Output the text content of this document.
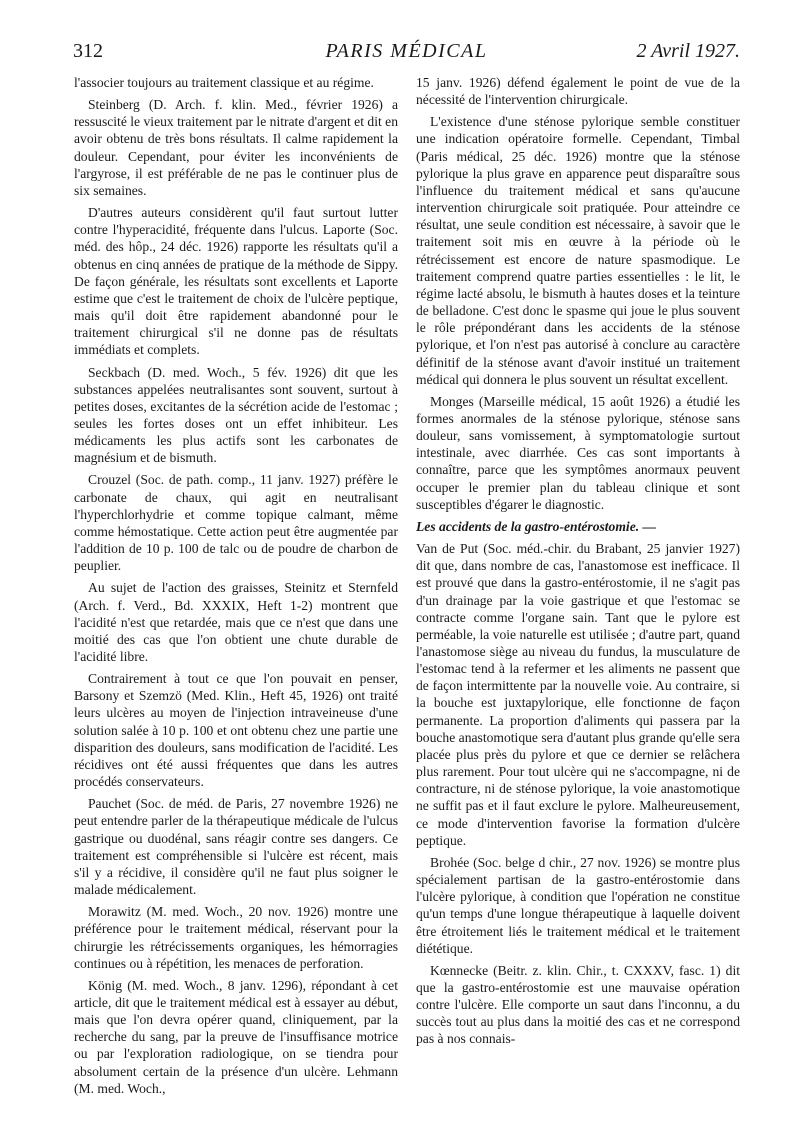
312	PARIS MÉDICAL	2 Avril 1927.

l'associer toujours au traitement classique et au régime.

Steinberg (D. Arch. f. klin. Med., février 1926) a ressuscité le vieux traitement par le nitrate d'argent et dit en avoir obtenu de très bons résultats. Il calme rapidement la douleur. Cependant, pour éviter les inconvénients de l'argyrose, il est préférable de ne pas le continuer plus de six semaines.

D'autres auteurs considèrent qu'il faut surtout lutter contre l'hyperacidité, fréquente dans l'ulcus. Laporte (Soc. méd. des hôp., 24 déc. 1926) rapporte les résultats qu'il a obtenus en cinq années de pratique de la méthode de Sippy. De façon générale, les résultats sont excellents et Laporte estime que c'est le traitement de choix de l'ulcère peptique, mais qu'il doit être rapidement abandonné pour le traitement chirurgical s'il ne donne pas de résultats immédiats et complets.

Seckbach (D. med. Woch., 5 fév. 1926) dit que les substances appelées neutralisantes sont souvent, surtout à petites doses, excitantes de la sécrétion acide de l'estomac ; seules les fortes doses ont un effet inhibiteur. Les médicaments les plus actifs sont les carbonates de magnésium et de bismuth.

Crouzel (Soc. de path. comp., 11 janv. 1927) préfère le carbonate de chaux, qui agit en neutralisant l'hyperchlorhydrie et comme topique calmant, même comme hémostatique. Cette action peut être augmentée par l'addition de 10 p. 100 de talc ou de poudre de charbon de peuplier.

Au sujet de l'action des graisses, Steinitz et Sternfeld (Arch. f. Verd., Bd. XXXIX, Heft 1-2) montrent que l'acidité n'est que retardée, mais que ce n'est que dans une moitié des cas que l'on obtient une chute durable de l'acidité libre.

Contrairement à tout ce que l'on pouvait en penser, Barsony et Szemzö (Med. Klin., Heft 45, 1926) ont traité leurs ulcères au moyen de l'injection intraveineuse d'une solution salée à 10 p. 100 et ont obtenu chez une partie une disparition des douleurs, sans modification de l'acidité. Les récidives ont été aussi fréquentes que dans les autres procédés conservateurs.

Pauchet (Soc. de méd. de Paris, 27 novembre 1926) ne peut entendre parler de la thérapeutique médicale de l'ulcus gastrique ou duodénal, sans réagir contre ses dangers. Ce traitement est compréhensible si l'ulcère est récent, mais s'il y a récidive, il considère qu'il ne faut plus soigner le malade médicalement.

Morawitz (M. med. Woch., 20 nov. 1926) montre une préférence pour le traitement médical, réservant pour la chirurgie les rétrécissements organiques, les hémorragies continues ou à répétition, les menaces de perforation.

König (M. med. Woch., 8 janv. 1296), répondant à cet article, dit que le traitement médical est à essayer au début, mais que l'on devra opérer quand, cliniquement, par la recherche du sang, par la preuve de l'insuffisance motrice ou par l'exploration radiologique, on se tiendra pour absolument certain de la présence d'un ulcère. Lehmann (M. med. Woch.,

15 janv. 1926) défend également le point de vue de la nécessité de l'intervention chirurgicale.

L'existence d'une sténose pylorique semble constituer une indication opératoire formelle. Cependant, Timbal (Paris médical, 25 déc. 1926) montre que la sténose pylorique la plus grave en apparence peut disparaître sous l'influence du traitement médical et sans qu'aucune intervention chirurgicale soit pratiquée. Pour atteindre ce résultat, une seule condition est nécessaire, à savoir que le traitement soit mis en œuvre à la période où le rétrécissement est encore de nature spasmodique. Le traitement comprend quatre parties essentielles : le lit, le régime lacté absolu, le bismuth à hautes doses et la teinture de belladone. C'est donc le spasme qui joue le plus souvent le rôle prépondérant dans les accidents de la sténose pylorique, et l'on n'est pas autorisé à conclure au caractère définitif de la sténose avant d'avoir institué un traitement médical qui donnera le plus souvent un résultat excellent.

Monges (Marseille médical, 15 août 1926) a étudié les formes anormales de la sténose pylorique, sténose sans douleur, sans vomissement, à symptomatologie surtout intestinale, avec diarrhée. Ces cas sont importants à connaître, parce que les symptômes anormaux peuvent occuper le premier plan du tableau clinique et sont susceptibles d'égarer le diagnostic.

Les accidents de la gastro-entérostomie. —

Van de Put (Soc. méd.-chir. du Brabant, 25 janvier 1927) dit que, dans nombre de cas, l'anastomose est inefficace. Il est prouvé que dans la gastro-entérostomie, il ne s'agit pas d'un drainage par la voie gastrique et que l'estomac se contracte comme l'organe sain. Tant que le pylore est perméable, la voie naturelle est utilisée ; d'autre part, quand l'anastomose siège au niveau du fundus, la musculature de l'estomac tend à la refermer et les aliments ne passent que de façon intermittente par la nouvelle voie. Au contraire, si la bouche est juxtapylorique, elle fonctionne de façon permanente. La proportion d'aliments qui passera par la bouche anastomotique sera d'autant plus grande qu'elle sera placée plus près du pylore et que ce dernier se relâchera plus rarement. Pour tout ulcère qui ne s'accompagne, ni de contracture, ni de sténose pylorique, la voie anastomotique ne suffit pas et il faut exclure le pylore. Malheureusement, ce mode d'intervention favorise la formation d'ulcère peptique.

Brohée (Soc. belge d chir., 27 nov. 1926) se montre plus spécialement partisan de la gastro-entérostomie dans l'ulcère pylorique, à condition que l'opération ne constitue qu'un temps d'une longue thérapeutique à laquelle doivent être étroitement liés le traitement médical et le traitement diététique.

Kœnnecke (Beitr. z. klin. Chir., t. CXXXV, fasc. 1) dit que la gastro-entérostomie est une mauvaise opération contre l'ulcère. Elle comporte un saut dans l'inconnu, a du succès tout au plus dans la moitié des cas et ne correspond pas à nos connais-
